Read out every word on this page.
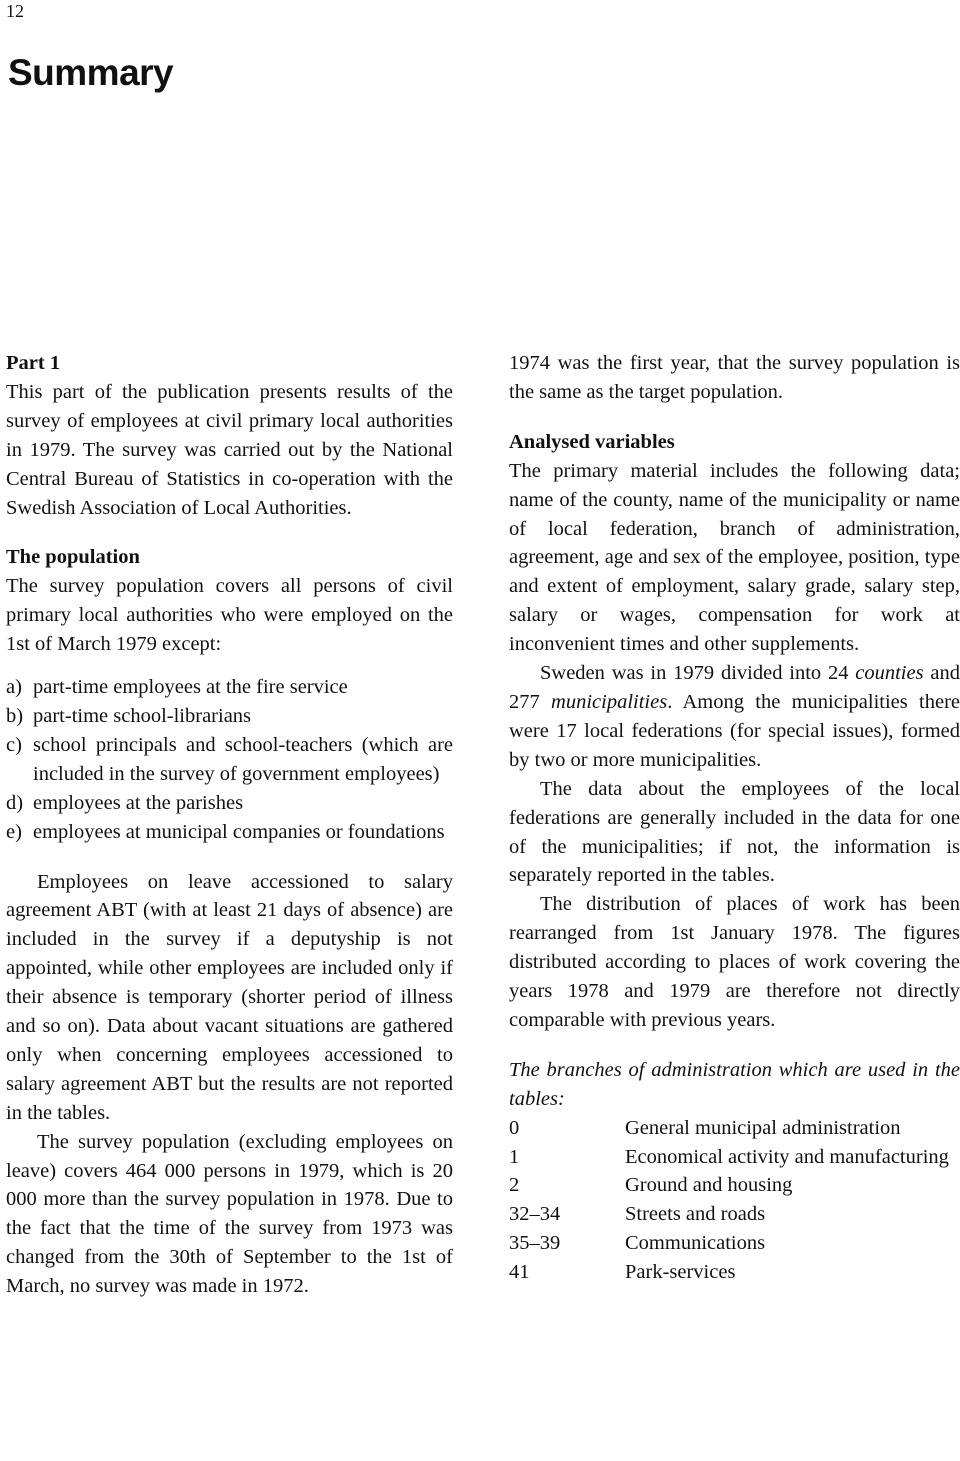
12
Summary

Part 1

This part of the publication presents results of the survey of employees at civil primary local authorities in 1979. The survey was carried out by the National Central Bureau of Statistics in co-operation with the Swedish Association of Local Authorities.

The population

The survey population covers all persons of civil primary local authorities who were employed on the 1st of March 1979 except:

a) part-time employees at the fire service
b) part-time school-librarians
c) school principals and school-teachers (which are included in the survey of government employees)
d) employees at the parishes
e) employees at municipal companies or foundations

Employees on leave accessioned to salary agreement ABT (with at least 21 days of absence) are included in the survey if a deputyship is not appointed, while other employees are included only if their absence is temporary (shorter period of illness and so on). Data about vacant situations are gathered only when concerning employees accessioned to salary agreement ABT but the results are not reported in the tables.

The survey population (excluding employees on leave) covers 464 000 persons in 1979, which is 20 000 more than the survey population in 1978. Due to the fact that the time of the survey from 1973 was changed from the 30th of September to the 1st of March, no survey was made in 1972.

1974 was the first year, that the survey population is the same as the target population.

Analysed variables

The primary material includes the following data; name of the county, name of the municipality or name of local federation, branch of administration, agreement, age and sex of the employee, position, type and extent of employment, salary grade, salary step, salary or wages, compensation for work at inconvenient times and other supplements.

Sweden was in 1979 divided into 24 counties and 277 municipalities. Among the municipalities there were 17 local federations (for special issues), formed by two or more municipalities.

The data about the employees of the local federations are generally included in the data for one of the municipalities; if not, the information is separately reported in the tables.

The distribution of places of work has been rearranged from 1st January 1978. The figures distributed according to places of work covering the years 1978 and 1979 are therefore not directly comparable with previous years.

The branches of administration which are used in the tables:

0	General municipal administration
1	Economical activity and manufacturing
2	Ground and housing
32–34	Streets and roads
35–39	Communications
41	Park-services
